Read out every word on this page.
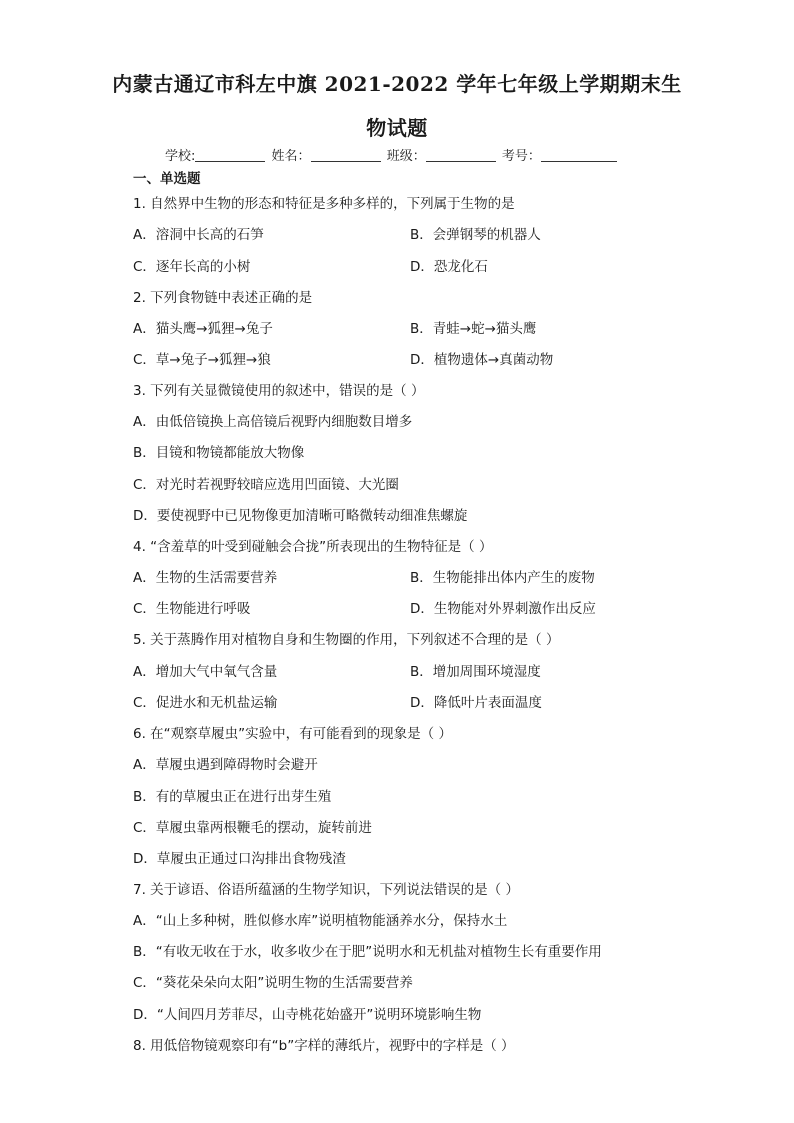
内蒙古通辽市科左中旗 2021-2022 学年七年级上学期期末生
物试题
学校:	姓名：	班级：	考号：
一、单选题
1. 自然界中生物的形态和特征是多种多样的，下列属于生物的是
A．溶洞中长高的石笋	B．会弹钢琴的机器人
C．逐年长高的小树	D．恐龙化石
2. 下列食物链中表述正确的是
A．猫头鹰→狐狸→兔子	B．青蛙→蛇→猫头鹰
C．草→兔子→狐狸→狼	D．植物遗体→真菌动物
3. 下列有关显微镜使用的叙述中，错误的是（ ）
A．由低倍镜换上高倍镜后视野内细胞数目增多
B．目镜和物镜都能放大物像
C．对光时若视野较暗应选用凹面镜、大光圈
D．要使视野中已见物像更加清晰可略微转动细准焦螺旋
4. “含羞草的叶受到碰触会合拢”所表现出的生物特征是（ ）
A．生物的生活需要营养	B．生物能排出体内产生的废物
C．生物能进行呼吸	D．生物能对外界刺激作出反应
5. 关于蒸腾作用对植物自身和生物圈的作用，下列叙述不合理的是（ ）
A．增加大气中氧气含量	B．增加周围环境湿度
C．促进水和无机盐运输	D．降低叶片表面温度
6. 在“观察草履虫”实验中，有可能看到的现象是（ ）
A．草履虫遇到障碍物时会避开
B．有的草履虫正在进行出芽生殖
C．草履虫靠两根鞭毛的摆动，旋转前进
D．草履虫正通过口沟排出食物残渣
7. 关于谚语、俗语所蕴涵的生物学知识，下列说法错误的是（ ）
A．“山上多种树，胜似修水库”说明植物能涵养水分，保持水土
B．“有收无收在于水，收多收少在于肥”说明水和无机盐对植物生长有重要作用
C．“葵花朵朵向太阳”说明生物的生活需要营养
D．“人间四月芳菲尽，山寺桃花始盛开”说明环境影响生物
8. 用低倍物镜观察印有“b”字样的薄纸片，视野中的字样是（ ）
